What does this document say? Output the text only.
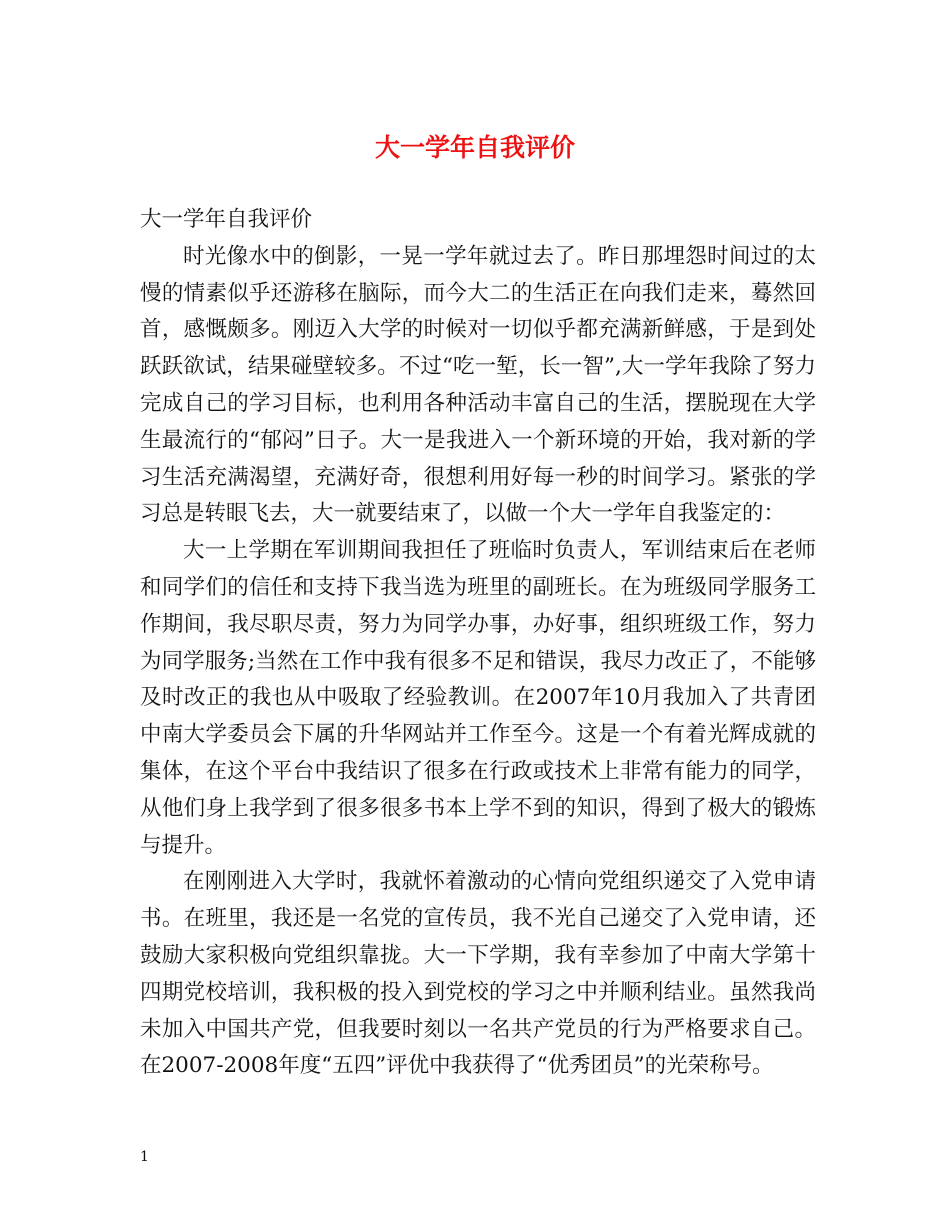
大一学年自我评价

大一学年自我评价

时光像水中的倒影，一晃一学年就过去了。昨日那埋怨时间过的太慢的情素似乎还游移在脑际，而今大二的生活正在向我们走来，蓦然回首，感慨颇多。刚迈入大学的时候对一切似乎都充满新鲜感，于是到处跃跃欲试，结果碰壁较多。不过“吃一堑，长一智”,大一学年我除了努力完成自己的学习目标，也利用各种活动丰富自己的生活，摆脱现在大学生最流行的“郁闷”日子。大一是我进入一个新环境的开始，我对新的学习生活充满渴望，充满好奇，很想利用好每一秒的时间学习。紧张的学习总是转眼飞去，大一就要结束了，以做一个大一学年自我鉴定的：

大一上学期在军训期间我担任了班临时负责人，军训结束后在老师和同学们的信任和支持下我当选为班里的副班长。在为班级同学服务工作期间，我尽职尽责，努力为同学办事，办好事，组织班级工作，努力为同学服务;当然在工作中我有很多不足和错误，我尽力改正了，不能够及时改正的我也从中吸取了经验教训。在2007年10月我加入了共青团中南大学委员会下属的升华网站并工作至今。这是一个有着光辉成就的集体，在这个平台中我结识了很多在行政或技术上非常有能力的同学，从他们身上我学到了很多很多书本上学不到的知识，得到了极大的锻炼与提升。

在刚刚进入大学时，我就怀着激动的心情向党组织递交了入党申请书。在班里，我还是一名党的宣传员，我不光自己递交了入党申请，还鼓励大家积极向党组织靠拢。大一下学期，我有幸参加了中南大学第十四期党校培训，我积极的投入到党校的学习之中并顺利结业。虽然我尚未加入中国共产党，但我要时刻以一名共产党员的行为严格要求自己。在2007-2008年度“五四”评优中我获得了“优秀团员”的光荣称号。

1
